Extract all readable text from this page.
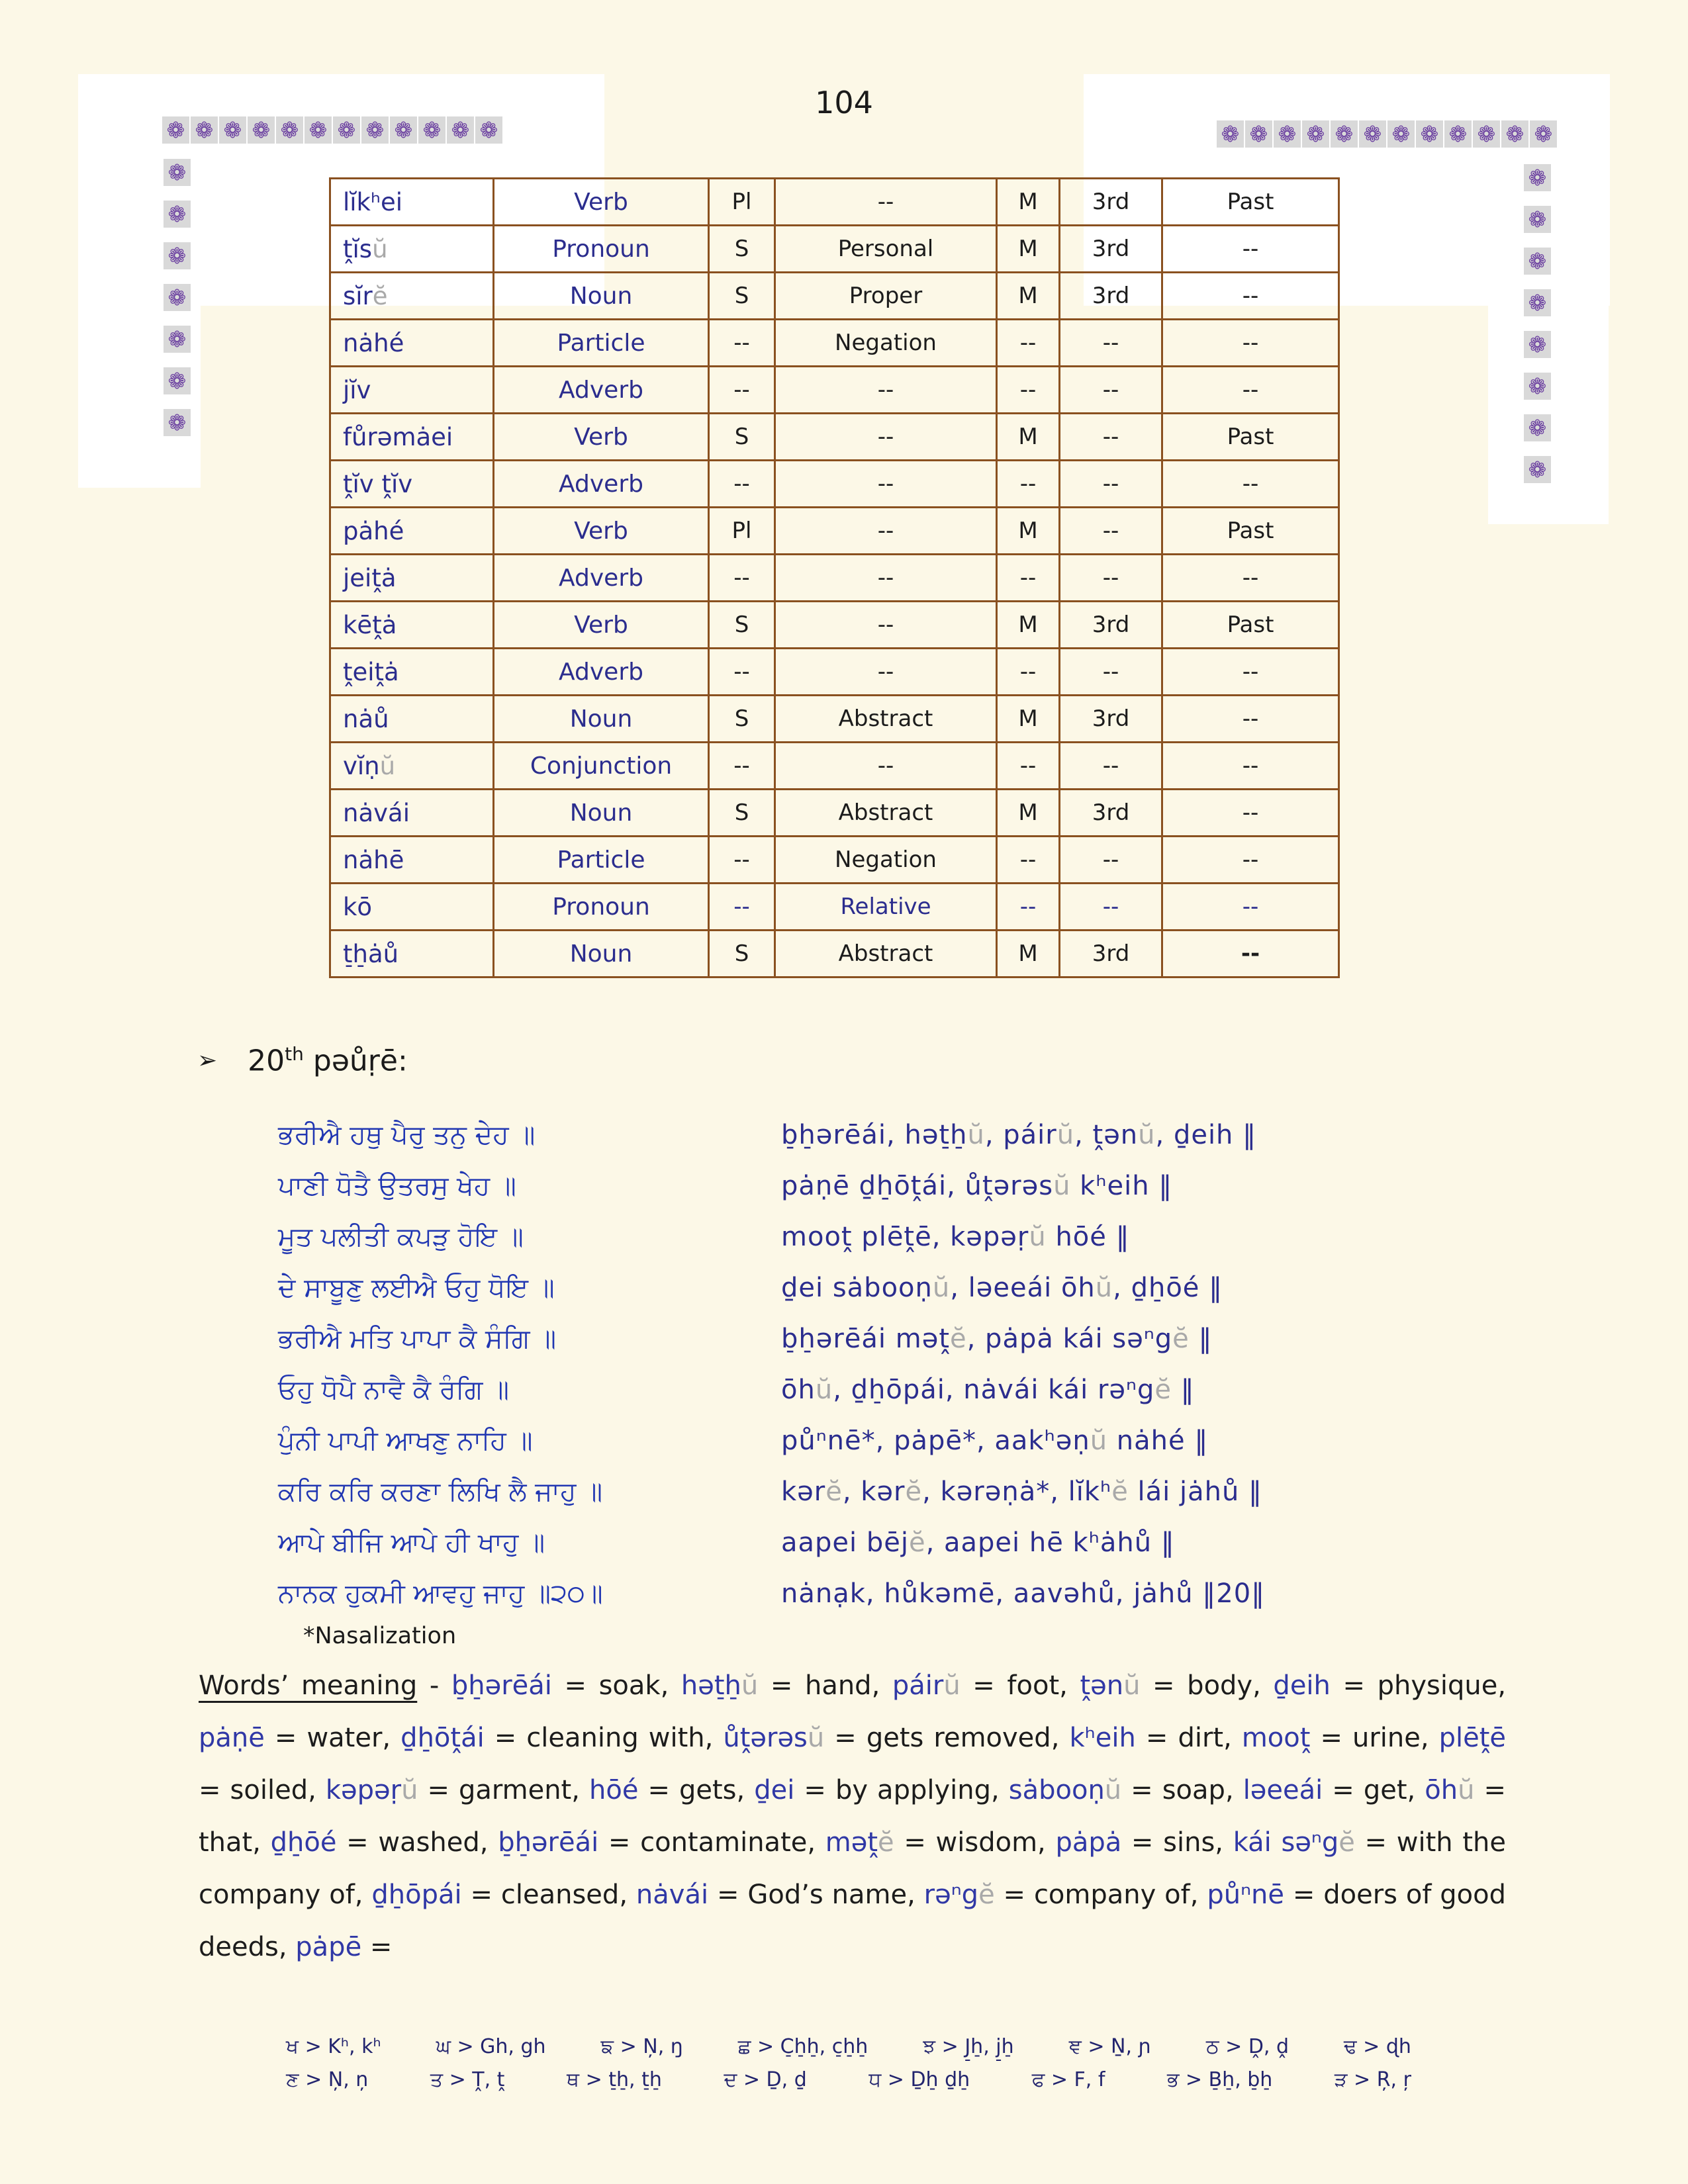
❁ ❁ ❁ ❁ ❁ ❁ ❁ ❁ ❁ ❁ ❁ ❁
❁
❁
❁
❁
❁
❁
❁
❁ ❁ ❁ ❁ ❁ ❁ ❁ ❁ ❁ ❁ ❁ ❁
❁
❁
❁
❁
❁
❁
❁
❁
104
lĭkʰei	Verb	Pl	--	M	3rd	Past
ṱĭsŭ	Pronoun	S	Personal	M	3rd	--
sĭrĕ	Noun	S	Proper	M	3rd	--
nȧhé	Particle	--	Negation	--	--	--
jĭv	Adverb	--	--	--	--	--
fůrəmȧei	Verb	S	--	M	--	Past
ṱĭv ṱĭv	Adverb	--	--	--	--	--
pȧhé	Verb	Pl	--	M	--	Past
jeiṱȧ	Adverb	--	--	--	--	--
kēṱȧ	Verb	S	--	M	3rd	Past
ṱeiṱȧ	Adverb	--	--	--	--	--
nȧů	Noun	S	Abstract	M	3rd	--
vĭṇŭ	Conjunction	--	--	--	--	--
nȧvái	Noun	S	Abstract	M	3rd	--
nȧhē	Particle	--	Negation	--	--	--
kō	Pronoun	--	Relative	--	--	--
t̠h̠ȧů	Noun	S	Abstract	M	3rd	--
➢ 20th pəůṛē:
ਭਰੀਐ ਹਥੁ ਪੈਰੁ ਤਨੁ ਦੇਹ ॥	b̠h̠ərēái, hət̠h̠ŭ, páirŭ, ṱənŭ, ḏeih ‖
ਪਾਣੀ ਧੋਤੈ ਉਤਰਸੁ ਖੇਹ ॥	pȧṇē ḏh̠ōṱái, ůṱərəsŭ kʰeih ‖
ਮੂਤ ਪਲੀਤੀ ਕਪੜੁ ਹੋਇ ॥	mooṱ plēṱē, kəpəṛŭ hōé ‖
ਦੇ ਸਾਬੂਣੁ ਲਈਐ ਓਹੁ ਧੋਇ ॥	ḏei sȧbooṇŭ, ləeeái ōhŭ, ḏh̠ōé ‖
ਭਰੀਐ ਮਤਿ ਪਾਪਾ ਕੈ ਸੰਗਿ ॥	b̠h̠ərēái məṱĕ, pȧpȧ kái səⁿgĕ ‖
ਓਹੁ ਧੋਪੈ ਨਾਵੈ ਕੈ ਰੰਗਿ ॥	ōhŭ, ḏh̠ōpái, nȧvái kái rəⁿgĕ ‖
ਪੁੰਨੀ ਪਾਪੀ ਆਖਣੁ ਨਾਹਿ ॥	půⁿnē*, pȧpē*, aakʰəṇŭ nȧhé ‖
ਕਰਿ ਕਰਿ ਕਰਣਾ ਲਿਖਿ ਲੈ ਜਾਹੁ ॥	kərĕ, kərĕ, kərəṇȧ*, lĭkʰĕ lái jȧhů ‖
ਆਪੇ ਬੀਜਿ ਆਪੇ ਹੀ ਖਾਹੁ ॥	aapei bējĕ, aapei hē kʰȧhů ‖
ਨਾਨਕ ਹੁਕਮੀ ਆਵਹੁ ਜਾਹੁ ॥੨੦॥	nȧnạk, hůkəmē, aavəhů, jȧhů ‖20‖
*Nasalization

Words’ meaning - b̠h̠ərēái = soak, hət̠h̠ŭ = hand, páirŭ = foot, ṱənŭ = body, ḏeih = physique, pȧṇē = water, ḏh̠ōṱái = cleaning with, ůṱərəsŭ = gets removed, kʰeih = dirt, mooṱ = urine, plēṱē = soiled, kəpəṛŭ = garment, hōé = gets, ḏei = by applying, sȧbooṇŭ = soap, ləeeái = get, ōhŭ = that, ḏh̠ōé = washed, b̠h̠ərēái = contaminate, məṱĕ = wisdom, pȧpȧ = sins, kái səⁿgĕ = with the company of, ḏh̠ōpái = cleansed, nȧvái = God’s name, rəⁿgĕ = company of, půⁿnē = doers of good deeds, pȧpē =

ਖ > Kʰ, kʰ	ਘ > Gh, gh	ਙ > Ņ, ŋ	ਛ > C̠h̠h̠, c̠h̠h̠	ਝ > J̠h̠, j̠h̠	ਞ > Ṉ, ɲ	ਠ > Ḓ, ḓ	ਢ > ɖh
ਣ > Ņ, ņ	ਤ > Ṱ, ṱ	ਥ > t̠h̠, t̠h̠	ਦ > Ḏ, ḏ	ਧ > Ḏh̠ ḏh̠	ਫ > F, f	ਭ > B̠h̠, b̠h̠	ੜ > Ŗ, ŗ
